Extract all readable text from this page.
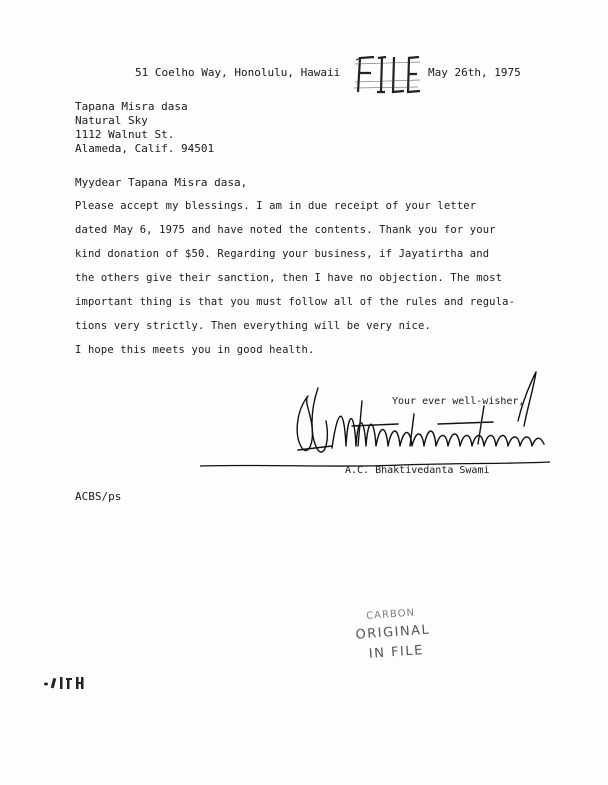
51 Coelho Way, Honolulu, Hawaii	May 26th, 1975
Tapana Misra dasa
Natural Sky
1112 Walnut St.
Alameda, Calif. 94501
Myydear Tapana Misra dasa,
Please accept my blessings. I am in due receipt of your letter
dated May 6, 1975 and have noted the contents. Thank you for your
kind donation of $50. Regarding your business, if Jayatirtha and
the others give their sanction, then I have no objection. The most
important thing is that you must follow all of the rules and regula-
tions very strictly. Then everything will be very nice.
I hope this meets you in good health.
Your ever well-wisher,
A.C. Bhaktivedanta Swami
ACBS/ps
CARBON
ORIGINAL
IN FILE
